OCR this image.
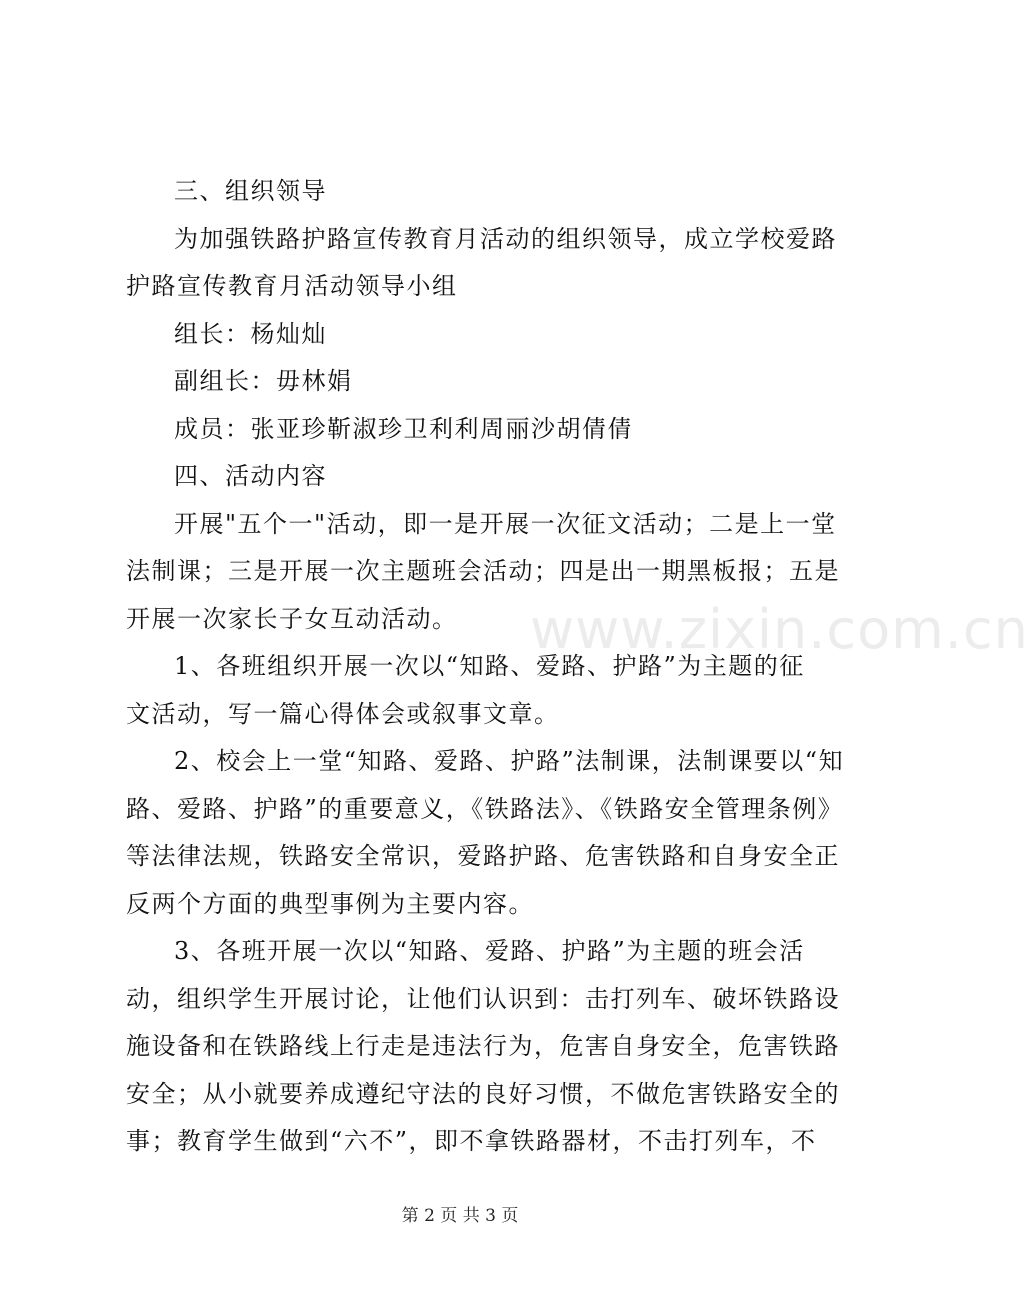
www.zixin.com.cn
三、组织领导
为加强铁路护路宣传教育月活动的组织领导，成立学校爱路
护路宣传教育月活动领导小组
组长：杨灿灿
副组长：毋林娟
成员：张亚珍靳淑珍卫利利周丽沙胡倩倩
四、活动内容
开展"五个一"活动，即一是开展一次征文活动；二是上一堂
法制课；三是开展一次主题班会活动；四是出一期黑板报；五是
开展一次家长子女互动活动。
1、各班组织开展一次以“知路、爱路、护路”为主题的征
文活动，写一篇心得体会或叙事文章。
2、校会上一堂“知路、爱路、护路”法制课，法制课要以“知
路、爱路、护路”的重要意义，《铁路法》、《铁路安全管理条例》
等法律法规，铁路安全常识，爱路护路、危害铁路和自身安全正
反两个方面的典型事例为主要内容。
3、各班开展一次以“知路、爱路、护路”为主题的班会活
动，组织学生开展讨论，让他们认识到：击打列车、破坏铁路设
施设备和在铁路线上行走是违法行为，危害自身安全，危害铁路
安全；从小就要养成遵纪守法的良好习惯，不做危害铁路安全的
事；教育学生做到“六不”，即不拿铁路器材，不击打列车，不
第 2 页 共 3 页
